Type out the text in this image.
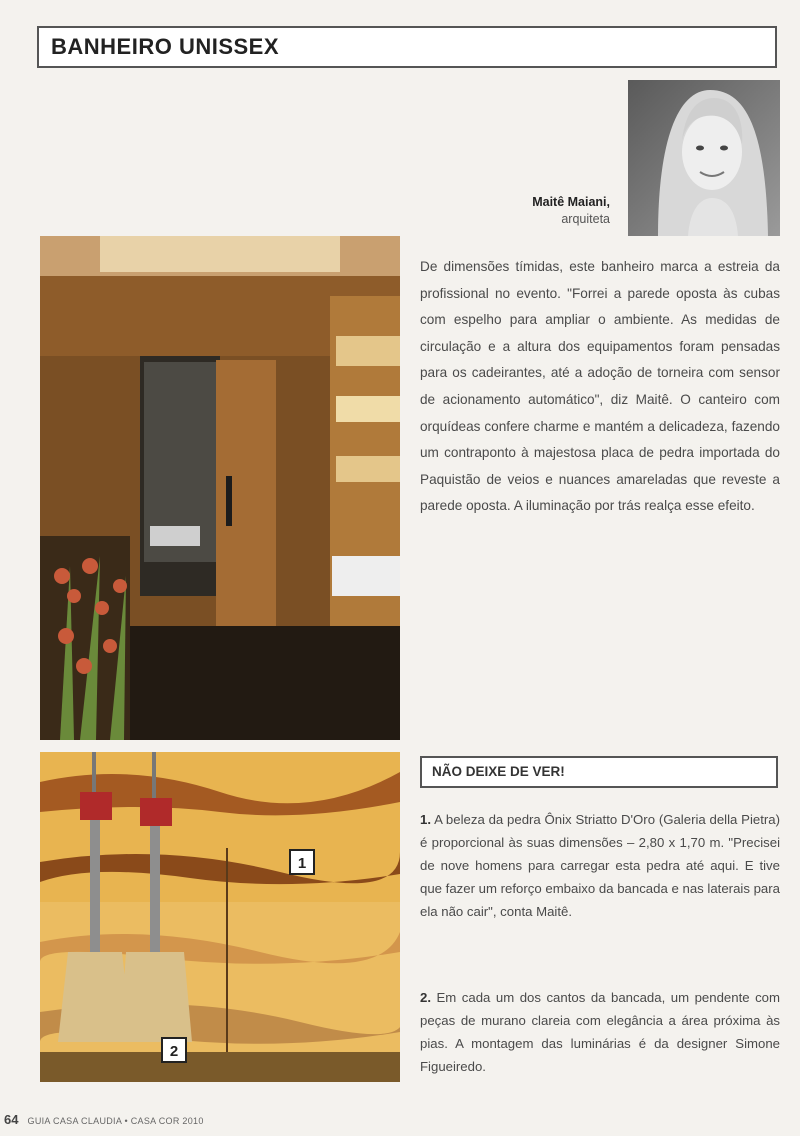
BANHEIRO UNISSEX
Maitê Maiani,
arquiteta
1
2

De dimensões tímidas, este banheiro marca a estreia da profissional no evento. "Forrei a parede oposta às cubas com espelho para ampliar o ambiente. As medidas de circulação e a altura dos equipamentos foram pensadas para os cadeirantes, até a adoção de torneira com sensor de acionamento automático", diz Maitê. O canteiro com orquídeas confere charme e mantém a delicadeza, fazendo um contraponto à majestosa placa de pedra importada do Paquistão de veios e nuances amareladas que reveste a parede oposta. A iluminação por trás realça esse efeito.

NÃO DEIXE DE VER!

1. A beleza da pedra Ônix Striatto D'Oro (Galeria della Pietra) é proporcional às suas dimensões – 2,80 x 1,70 m. "Precisei de nove homens para carregar esta pedra até aqui. E tive que fazer um reforço embaixo da bancada e nas laterais para ela não cair", conta Maitê.

2. Em cada um dos cantos da bancada, um pendente com peças de murano clareia com elegância a área próxima às pias. A montagem das luminárias é da designer Simone Figueiredo.

64 GUIA CASA CLAUDIA • CASA COR 2010
